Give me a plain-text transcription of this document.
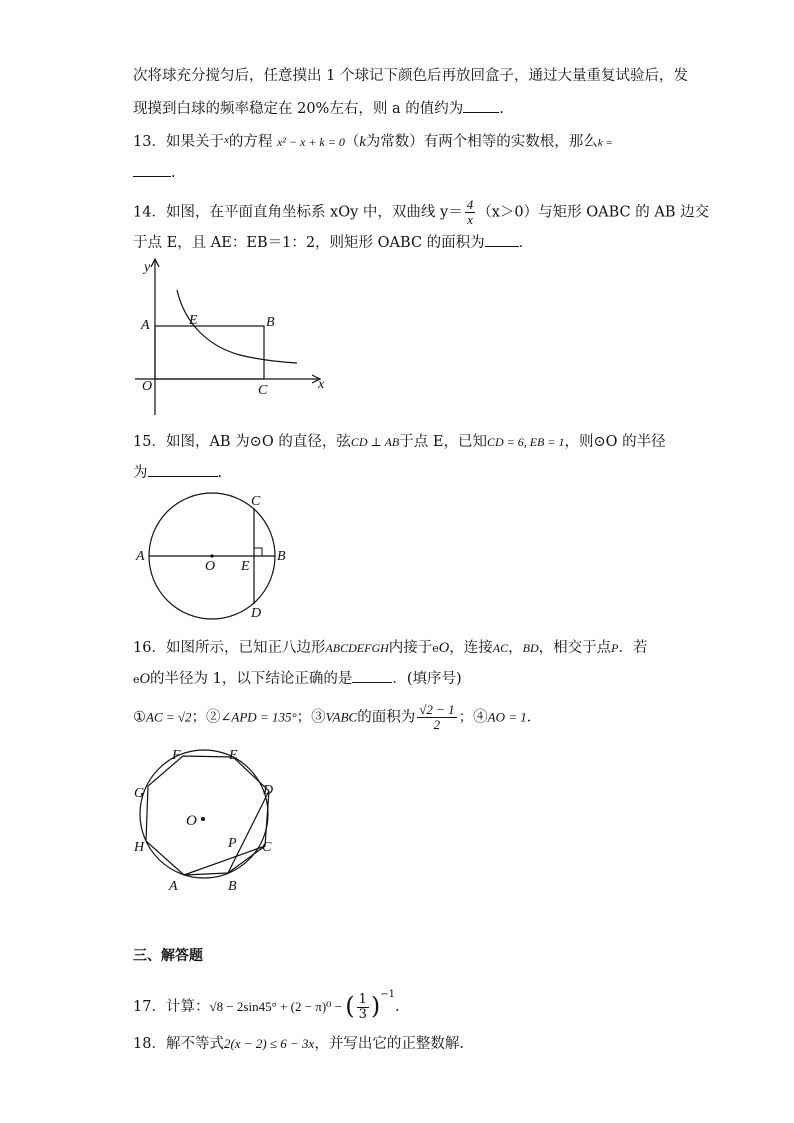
次将球充分搅匀后，任意摸出 1 个球记下颜色后再放回盒子，通过大量重复试验后，发
现摸到白球的频率稳定在 20%左右，则 a 的值约为 .
13．如果关于$^x$的方程 x² − x + k = 0（k为常数）有两个相等的实数根，那么k =
.
14．如图，在平面直角坐标系 xOy 中，双曲线 $y= \frac{4}{x} (x>0)$与矩形 OABC 的 AB 边交
于点 E，且 AE：EB＝1：2，则矩形 OABC 的面积为 ．
y
x
A	E	B
O	C
15．如图，AB 为⊙O 的直径，弦CD ⊥ AB于点 E，已知CD = 6, EB = 1，则⊙O 的半径
为	.
A
O E
B
C
D
16．如图所示，已知正八边形ABCDEFGH内接于eO，连接AC，BD，相交于点P．若
eO的半径为 1，以下结论正确的是	．(填序号)
①AC = √2；②∠APD = 135°；③VABC的面积为 $\frac{√2 - 1}{2}$ ；④AO = 1．
F	E
G	D
O
H	P C
A	B
三、解答题
17．计算：√8 − 2sin45° + (2 − π)⁰ − ( $\frac{1}{3} )^{-1}$.
18．解不等式2(x − 2) ≤ 6 − 3x，并写出它的正整数解.
